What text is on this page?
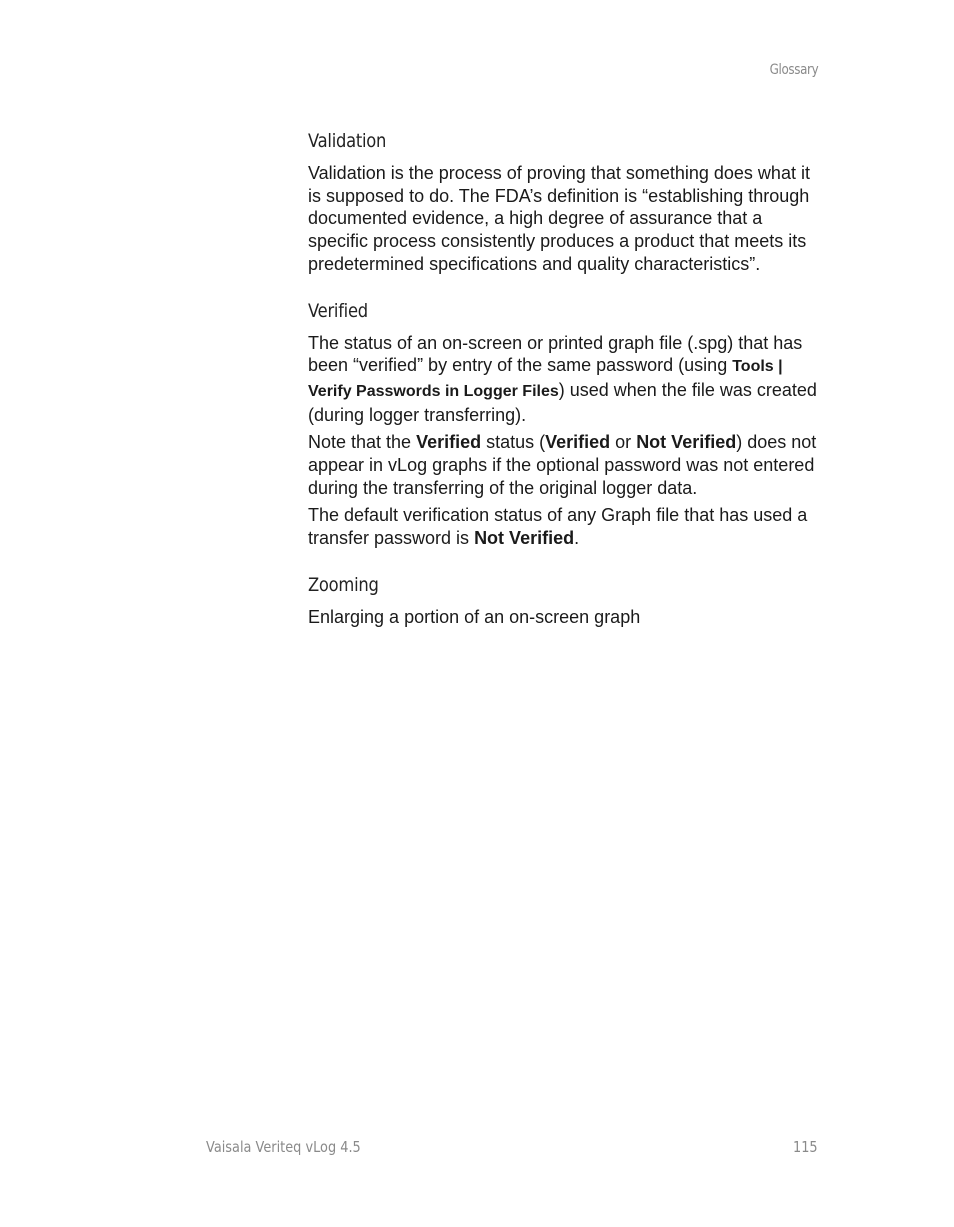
Glossary
Validation

Validation is the process of proving that something does what it is supposed to do. The FDA’s definition is “establishing through documented evidence, a high degree of assurance that a specific process consistently produces a product that meets its predetermined specifications and quality characteristics”.

Verified

The status of an on-screen or printed graph file (.spg) that has been “verified” by entry of the same password (using Tools | Verify Passwords in Logger Files) used when the file was created (during logger transferring).

Note that the Verified status (Verified or Not Verified) does not appear in vLog graphs if the optional password was not entered during the transferring of the original logger data.

The default verification status of any Graph file that has used a transfer password is Not Verified.

Zooming

Enlarging a portion of an on-screen graph

Vaisala Veriteq vLog 4.5	115
